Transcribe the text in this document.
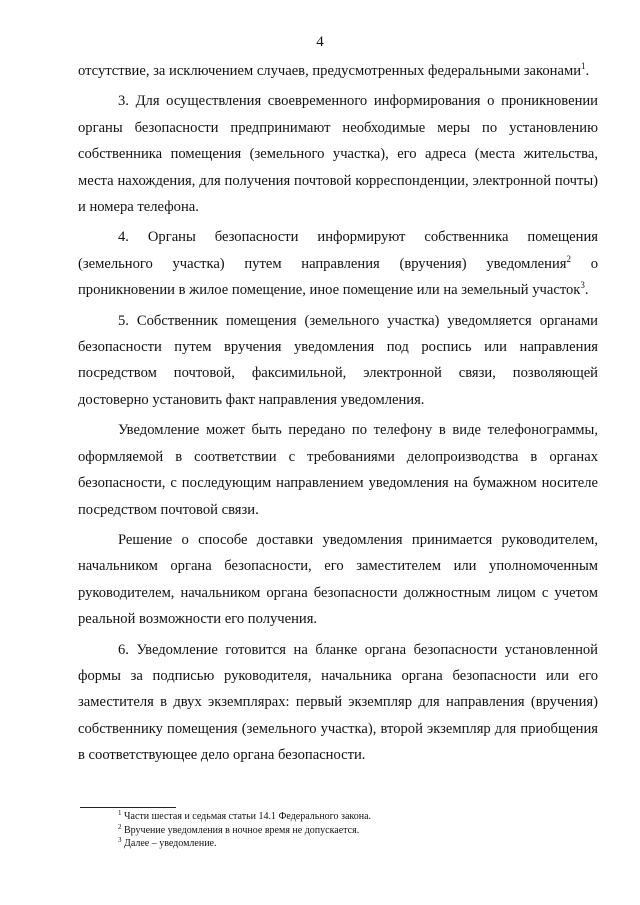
4

отсутствие, за исключением случаев, предусмотренных федеральными законами$^1$.

3. Для осуществления своевременного информирования о проникновении органы безопасности предпринимают необходимые меры по установлению собственника помещения (земельного участка), его адреса (места жительства, места нахождения, для получения почтовой корреспонденции, электронной почты) и номера телефона.

4. Органы безопасности информируют собственника помещения (земельного участка) путем направления (вручения) уведомления$^2$ о проникновении в жилое помещение, иное помещение или на земельный участок$^3$.

5. Собственник помещения (земельного участка) уведомляется органами безопасности путем вручения уведомления под роспись или направления посредством почтовой, факсимильной, электронной связи, позволяющей достоверно установить факт направления уведомления.

Уведомление может быть передано по телефону в виде телефонограммы, оформляемой в соответствии с требованиями делопроизводства в органах безопасности, с последующим направлением уведомления на бумажном носителе посредством почтовой связи.

Решение о способе доставки уведомления принимается руководителем, начальником органа безопасности, его заместителем или уполномоченным руководителем, начальником органа безопасности должностным лицом с учетом реальной возможности его получения.

6. Уведомление готовится на бланке органа безопасности установленной формы за подписью руководителя, начальника органа безопасности или его заместителя в двух экземплярах: первый экземпляр для направления (вручения) собственнику помещения (земельного участка), второй экземпляр для приобщения в соответствующее дело органа безопасности.

$^1$ Части шестая и седьмая статьи 14.1 Федерального закона.
$^2$ Вручение уведомления в ночное время не допускается.
$^3$ Далее – уведомление.
